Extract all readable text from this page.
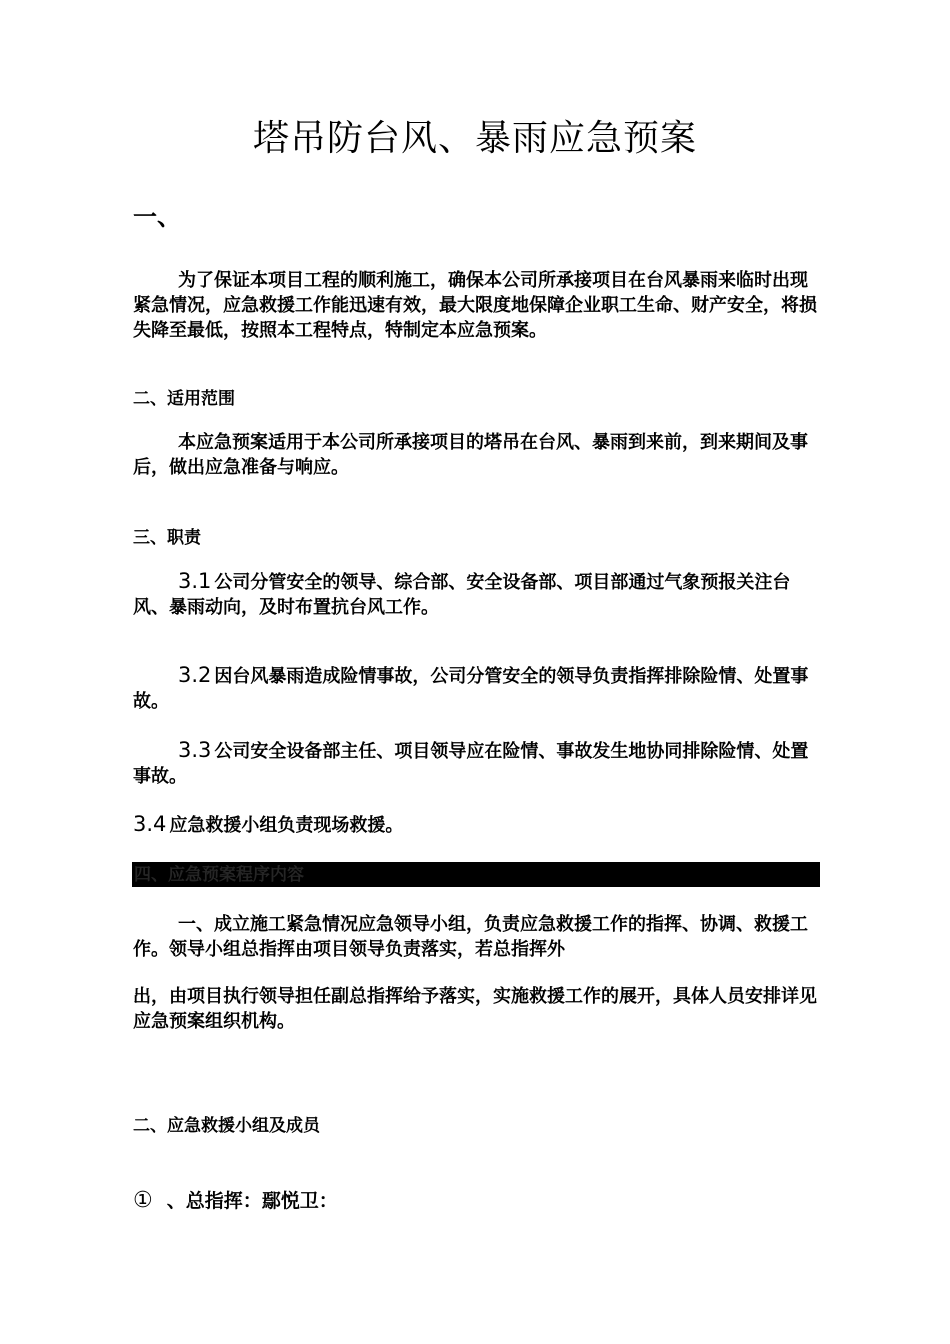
塔吊防台风、暴雨应急预案
一、

为了保证本项目工程的顺利施工，确保本公司所承接项目在台风暴雨来临时出现紧急情况，应急救援工作能迅速有效，最大限度地保障企业职工生命、财产安全，将损失降至最低，按照本工程特点，特制定本应急预案。

二、适用范围

本应急预案适用于本公司所承接项目的塔吊在台风、暴雨到来前，到来期间及事后，做出应急准备与响应。

三、职责

3.1 公司分管安全的领导、综合部、安全设备部、项目部通过气象预报关注台风、暴雨动向，及时布置抗台风工作。

3.2 因台风暴雨造成险情事故，公司分管安全的领导负责指挥排除险情、处置事故。

3.3 公司安全设备部主任、项目领导应在险情、事故发生地协同排除险情、处置事故。

3.4 应急救援小组负责现场救援。

四、应急预案程序内容

一、成立施工紧急情况应急领导小组，负责应急救援工作的指挥、协调、救援工作。领导小组总指挥由项目领导负责落实，若总指挥外

出，由项目执行领导担任副总指挥给予落实，实施救援工作的展开，具体人员安排详见应急预案组织机构。

二、应急救援小组及成员
① 、总指挥：鄢悦卫：
